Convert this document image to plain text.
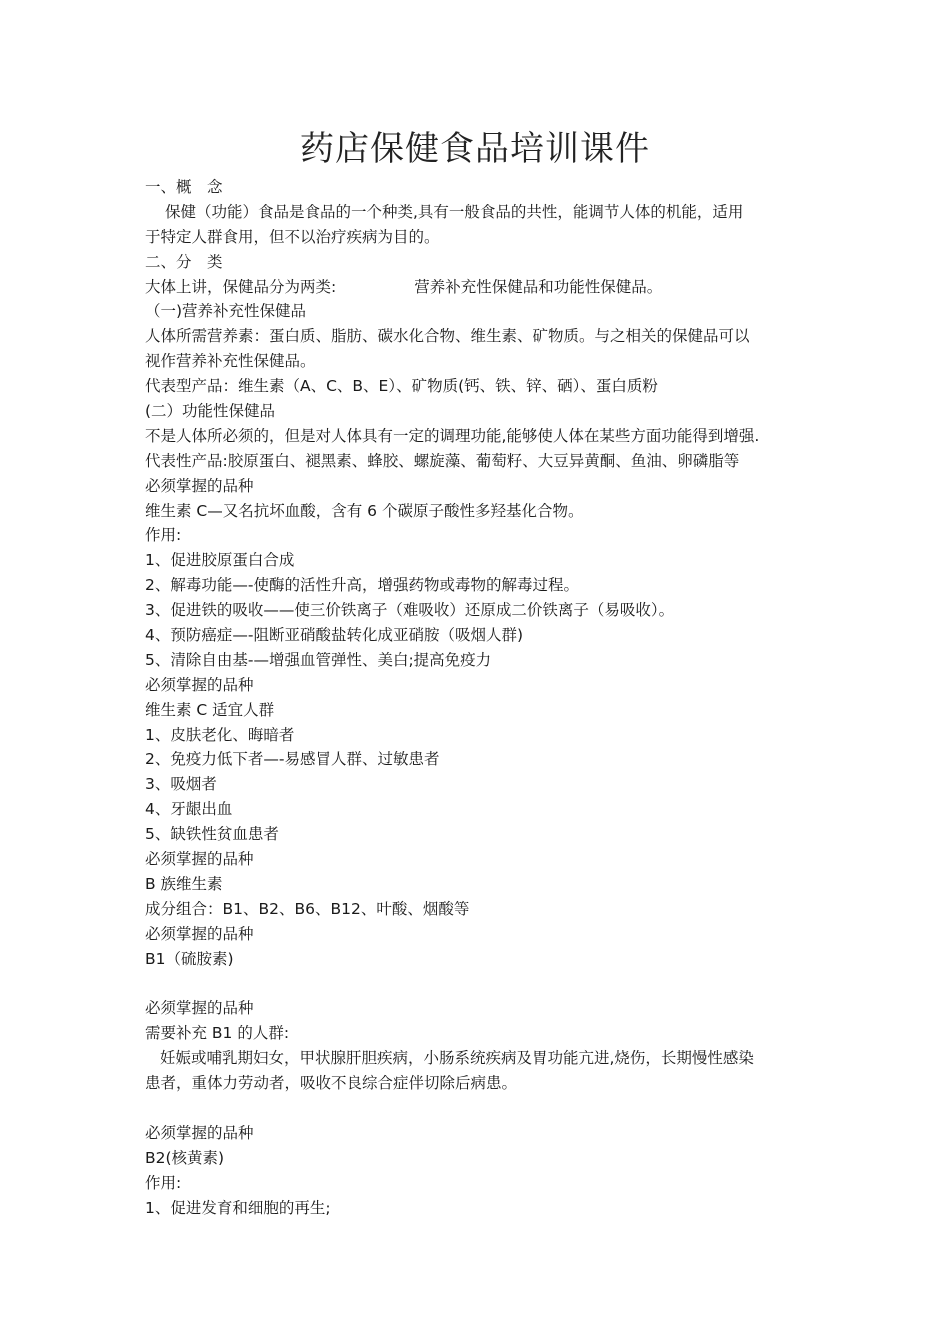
药店保健食品培训课件
一、概　念
保健（功能）食品是食品的一个种类,具有一般食品的共性，能调节人体的机能，适用
于特定人群食用，但不以治疗疾病为目的。
二、分　类
大体上讲，保健品分为两类:	营养补充性保健品和功能性保健品。
（一)营养补充性保健品
人体所需营养素：蛋白质、脂肪、碳水化合物、维生素、矿物质。与之相关的保健品可以
视作营养补充性保健品。
代表型产品：维生素（A、C、B、E）、矿物质(钙、铁、锌、硒）、蛋白质粉
(二）功能性保健品
不是人体所必须的，但是对人体具有一定的调理功能,能够使人体在某些方面功能得到增强.
代表性产品:胶原蛋白、褪黑素、蜂胶、螺旋藻、葡萄籽、大豆异黄酮、鱼油、卵磷脂等
必须掌握的品种
维生素 C—又名抗坏血酸，含有 6 个碳原子酸性多羟基化合物。
作用:
1、促进胶原蛋白合成
2、解毒功能—-使酶的活性升高，增强药物或毒物的解毒过程。
3、促进铁的吸收——使三价铁离子（难吸收）还原成二价铁离子（易吸收）。
4、预防癌症—-阻断亚硝酸盐转化成亚硝胺（吸烟人群)
5、清除自由基-—增强血管弹性、美白;提高免疫力
必须掌握的品种
维生素 C 适宜人群
1、皮肤老化、晦暗者
2、免疫力低下者—-易感冒人群、过敏患者
3、吸烟者
4、牙龈出血
5、缺铁性贫血患者
必须掌握的品种
B 族维生素
成分组合：B1、B2、B6、B12、叶酸、烟酸等
必须掌握的品种
B1（硫胺素)
必须掌握的品种
需要补充 B1 的人群:
妊娠或哺乳期妇女，甲状腺肝胆疾病，小肠系统疾病及胃功能亢进,烧伤，长期慢性感染
患者，重体力劳动者，吸收不良综合症伴切除后病患。
必须掌握的品种
B2(核黄素)
作用:
1、促进发育和细胞的再生;
